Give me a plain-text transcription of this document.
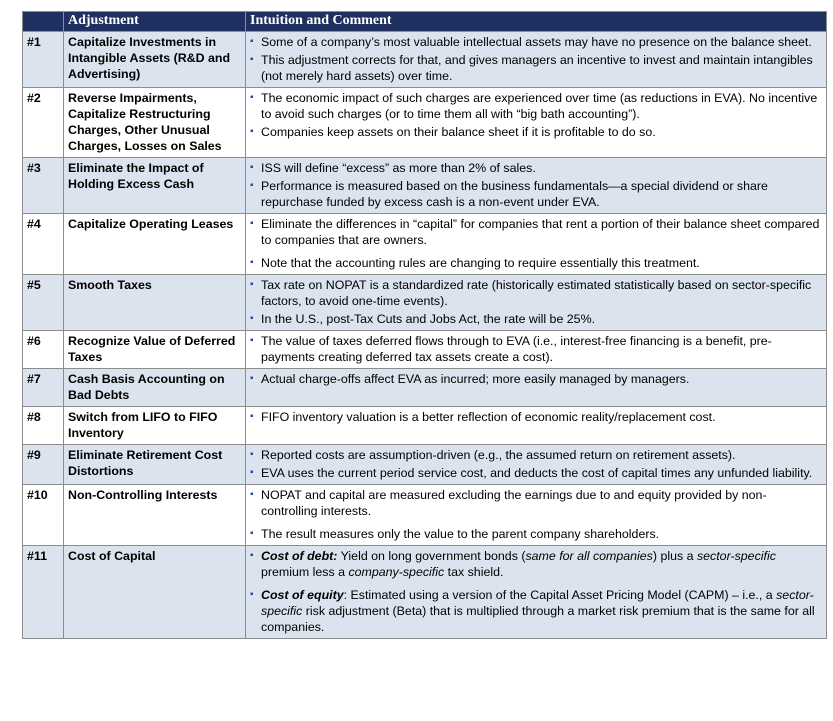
	Adjustment	Intuition and Comment
#1	Capitalize Investments in Intangible Assets (R&D and Advertising)	▪ Some of a company’s most valuable intellectual assets may have no presence on the balance sheet.
▪ This adjustment corrects for that, and gives managers an incentive to invest and maintain intangibles (not merely hard assets) over time.

#2	Reverse Impairments, Capitalize Restructuring Charges, Other Unusual Charges, Losses on Sales	▪ The economic impact of such charges are experienced over time (as reductions in EVA). No incentive to avoid such charges (or to time them all with “big bath accounting”).
▪ Companies keep assets on their balance sheet if it is profitable to do so.

#3	Eliminate the Impact of Holding Excess Cash	▪ ISS will define “excess” as more than 2% of sales.
▪ Performance is measured based on the business fundamentals—a special dividend or share repurchase funded by excess cash is a non-event under EVA.

#4	Capitalize Operating Leases	▪ Eliminate the differences in “capital” for companies that rent a portion of their balance sheet compared to companies that are owners.
▪ Note that the accounting rules are changing to require essentially this treatment.

#5	Smooth Taxes	▪ Tax rate on NOPAT is a standardized rate (historically estimated statistically based on sector-specific factors, to avoid one-time events).
▪ In the U.S., post-Tax Cuts and Jobs Act, the rate will be 25%.

#6	Recognize Value of Deferred Taxes	▪ The value of taxes deferred flows through to EVA (i.e., interest-free financing is a benefit, pre-payments creating deferred tax assets create a cost).

#7	Cash Basis Accounting on Bad Debts	▪ Actual charge-offs affect EVA as incurred; more easily managed by managers.

#8	Switch from LIFO to FIFO Inventory	▪ FIFO inventory valuation is a better reflection of economic reality/replacement cost.

#9	Eliminate Retirement Cost Distortions	▪ Reported costs are assumption-driven (e.g., the assumed return on retirement assets).
▪ EVA uses the current period service cost, and deducts the cost of capital times any unfunded liability.

#10	Non-Controlling Interests	▪ NOPAT and capital are measured excluding the earnings due to and equity provided by non-controlling interests.
▪ The result measures only the value to the parent company shareholders.

#11	Cost of Capital	▪ Cost of debt: Yield on long government bonds (same for all companies) plus a sector-specific premium less a company-specific tax shield.
▪ Cost of equity: Estimated using a version of the Capital Asset Pricing Model (CAPM) – i.e., a sector-specific risk adjustment (Beta) that is multiplied through a market risk premium that is the same for all companies.
